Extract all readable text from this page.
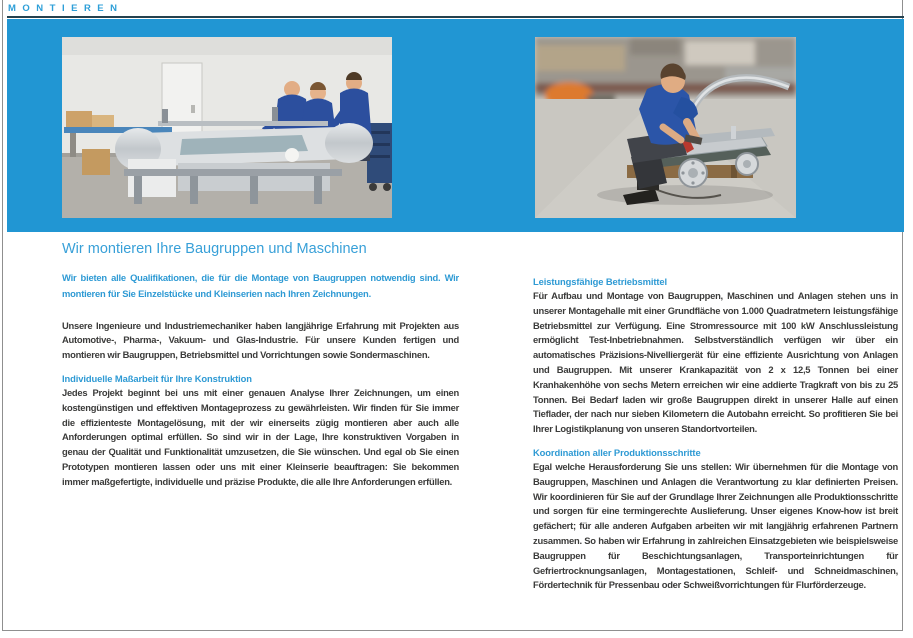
MONTIEREN
Wir montieren Ihre Baugruppen und Maschinen

Wir bieten alle Qualifikationen, die für die Montage von Baugruppen notwendig sind. Wir montieren für Sie Einzelstücke und Kleinserien nach Ihren Zeichnungen.

Unsere Ingenieure und Industriemechaniker haben langjährige Erfahrung mit Projekten aus Automotive-, Pharma-, Vakuum- und Glas-Industrie. Für unsere Kunden fertigen und montieren wir Baugruppen, Betriebsmittel und Vorrichtungen sowie Sondermaschinen.

Individuelle Maßarbeit für Ihre Konstruktion

Jedes Projekt beginnt bei uns mit einer genauen Analyse Ihrer Zeichnungen, um einen kostengünstigen und effektiven Montageprozess zu gewährleisten. Wir finden für Sie immer die effizienteste Montagelösung, mit der wir einerseits zügig montieren aber auch alle Anforderungen optimal erfüllen. So sind wir in der Lage, Ihre konstruktiven Vorgaben in genau der Qualität und Funktionalität umzusetzen, die Sie wünschen. Und egal ob Sie einen Prototypen montieren lassen oder uns mit einer Kleinserie beauftragen: Sie bekommen immer maßgefertigte, individuelle und präzise Produkte, die alle Ihre Anforderungen erfüllen.

Leistungsfähige Betriebsmittel

Für Aufbau und Montage von Baugruppen, Maschinen und Anlagen stehen uns in unserer Montagehalle mit einer Grundfläche von 1.000 Quadratmetern leistungsfähige Betriebsmittel zur Verfügung. Eine Stromressource mit 100 kW Anschlussleistung ermöglicht Test-Inbetriebnahmen. Selbstverständlich verfügen wir über ein automatisches Präzisions-Nivelliergerät für eine effiziente Ausrichtung von Anlagen und Baugruppen. Mit unserer Krankapazität von 2 x 12,5 Tonnen bei einer Kranhakenhöhe von sechs Metern erreichen wir eine addierte Tragkraft von bis zu 25 Tonnen. Bei Bedarf laden wir große Baugruppen direkt in unserer Halle auf einen Tieflader, der nach nur sieben Kilometern die Autobahn erreicht. So profitieren Sie bei Ihrer Logistikplanung von unseren Standortvorteilen.

Koordination aller Produktionsschritte

Egal welche Herausforderung Sie uns stellen: Wir übernehmen für die Montage von Baugruppen, Maschinen und Anlagen die Verantwortung zu klar definierten Preisen. Wir koordinieren für Sie auf der Grundlage Ihrer Zeichnungen alle Produktionsschritte und sorgen für eine termingerechte Auslieferung. Unser eigenes Know-how ist breit gefächert; für alle anderen Aufgaben arbeiten wir mit langjährig erfahrenen Partnern zusammen. So haben wir Erfahrung in zahlreichen Einsatzgebieten wie beispielsweise Baugruppen für Beschichtungsanlagen, Transporteinrichtungen für Gefriertrocknungsanlagen, Montagestationen, Schleif- und Schneidmaschinen, Fördertechnik für Pressenbau oder Schweißvorrichtungen für Flurförderzeuge.
